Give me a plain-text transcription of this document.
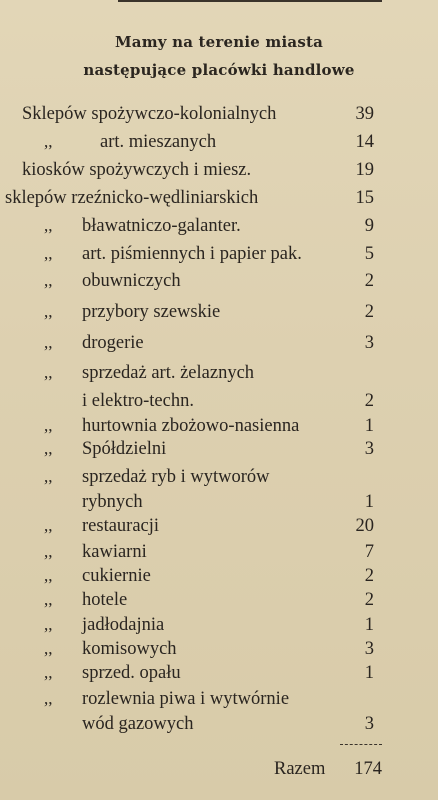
Mamy na terenie miasta
następujące placówki handlowe
Sklepów spożywczo-kolonialnych	39
,,	art. mieszanych	14
kiosków spożywczych i miesz.	19
sklepów rzeźnicko-wędliniarskich	15
,, bławatniczo-galanter.	9
,, art. piśmiennych i papier pak.	5
,, obuwniczych	2
,, przybory szewskie	2
,, drogerie	3
,, sprzedaż art. żelaznych
i elektro-techn.	2
,, hurtownia zbożowo-nasienna	1
,, Spółdzielni	3
,, sprzedaż ryb i wytworów
rybnych	1
,, restauracji	20
,, kawiarni	7
,, cukiernie	2
,, hotele	2
,, jadłodajnia	1
,, komisowych	3
,, sprzed. opału	1
,, rozlewnia piwa i wytwórnie
wód gazowych	3
Razem 174
